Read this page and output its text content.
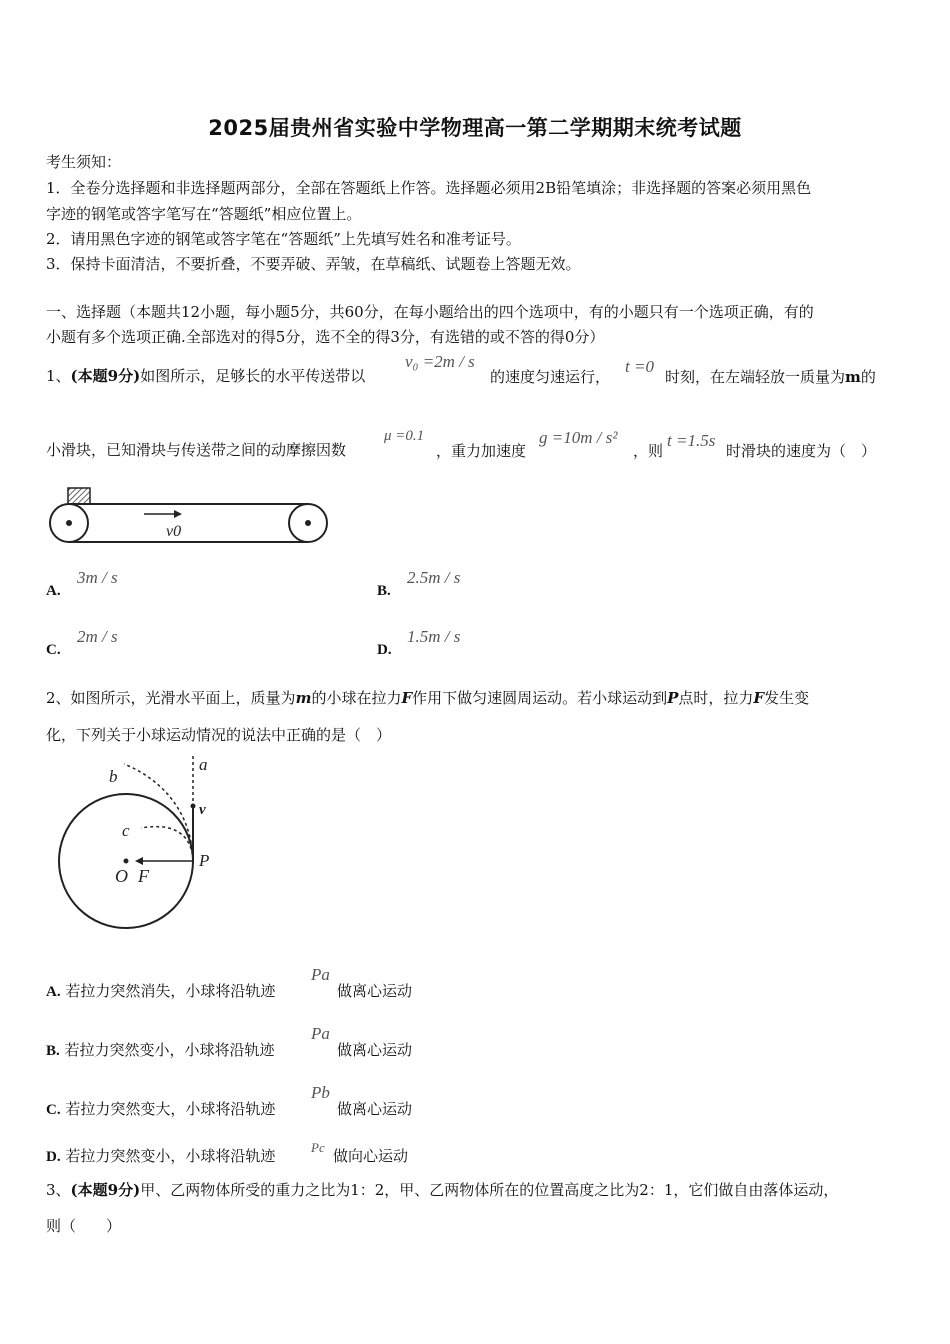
2025届贵州省实验中学物理高一第二学期期末统考试题
考生须知：
1．全卷分选择题和非选择题两部分，全部在答题纸上作答。选择题必须用2B铅笔填涂；非选择题的答案必须用黑色
字迹的钢笔或答字笔写在“答题纸”相应位置上。
2．请用黑色字迹的钢笔或答字笔在“答题纸”上先填写姓名和准考证号。
3．保持卡面清洁，不要折叠，不要弄破、弄皱，在草稿纸、试题卷上答题无效。
一、选择题（本题共12小题，每小题5分，共60分，在每小题给出的四个选项中，有的小题只有一个选项正确，有的
小题有多个选项正确.全部选对的得5分，选不全的得3分，有选错的或不答的得0分）
1、(本题9分)如图所示，足够长的水平传送带以
v₀ =2m / s
的速度匀速运行，
t =0
时刻，在左端轻放一质量为m的
小滑块，已知滑块与传送带之间的动摩擦因数
μ =0.1
，重力加速度
g =10m / s²
，则
t =1.5s
时滑块的速度为（　）
v0
A.
3m / s
B.
2.5m / s
C.
2m / s
D.
1.5m / s
2、如图所示，光滑水平面上，质量为m的小球在拉力F作用下做匀速圆周运动。若小球运动到P点时，拉力F发生变
化，下列关于小球运动情况的说法中正确的是（　）
a
b
v
c
P
O F
A. 若拉力突然消失，小球将沿轨迹
Pa
做离心运动
B. 若拉力突然变小，小球将沿轨迹
Pa
做离心运动
C. 若拉力突然变大，小球将沿轨迹
Pb
做离心运动
D. 若拉力突然变小，小球将沿轨迹	Pc 做向心运动
3、(本题9分)甲、乙两物体所受的重力之比为1：2，甲、乙两物体所在的位置高度之比为2：1，它们做自由落体运动，
则（　　）
